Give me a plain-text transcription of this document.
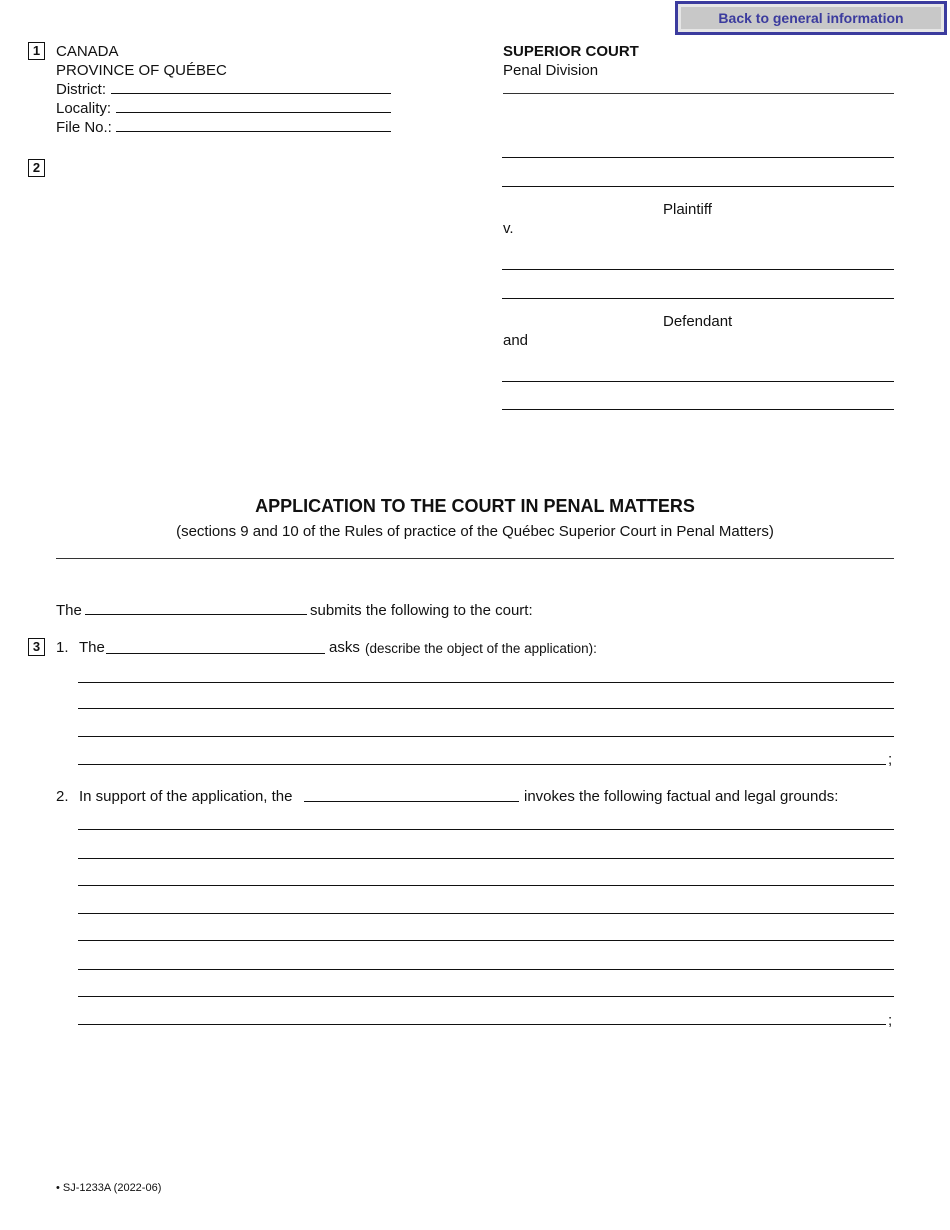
Back to general information
1	CANADA
PROVINCE OF QUÉBEC
District:
Locality:
File No.:
2
SUPERIOR COURT
Penal Division
Plaintiff
v.
Defendant
and
APPLICATION TO THE COURT IN PENAL MATTERS
(sections 9 and 10 of the Rules of practice of the Québec Superior Court in Penal Matters)
The	submits the following to the court:
3	1. The	asks (describe the object of the application):
;
2. In support of the application, the	invokes the following factual and legal grounds:
;
• SJ-1233A (2022-06)
